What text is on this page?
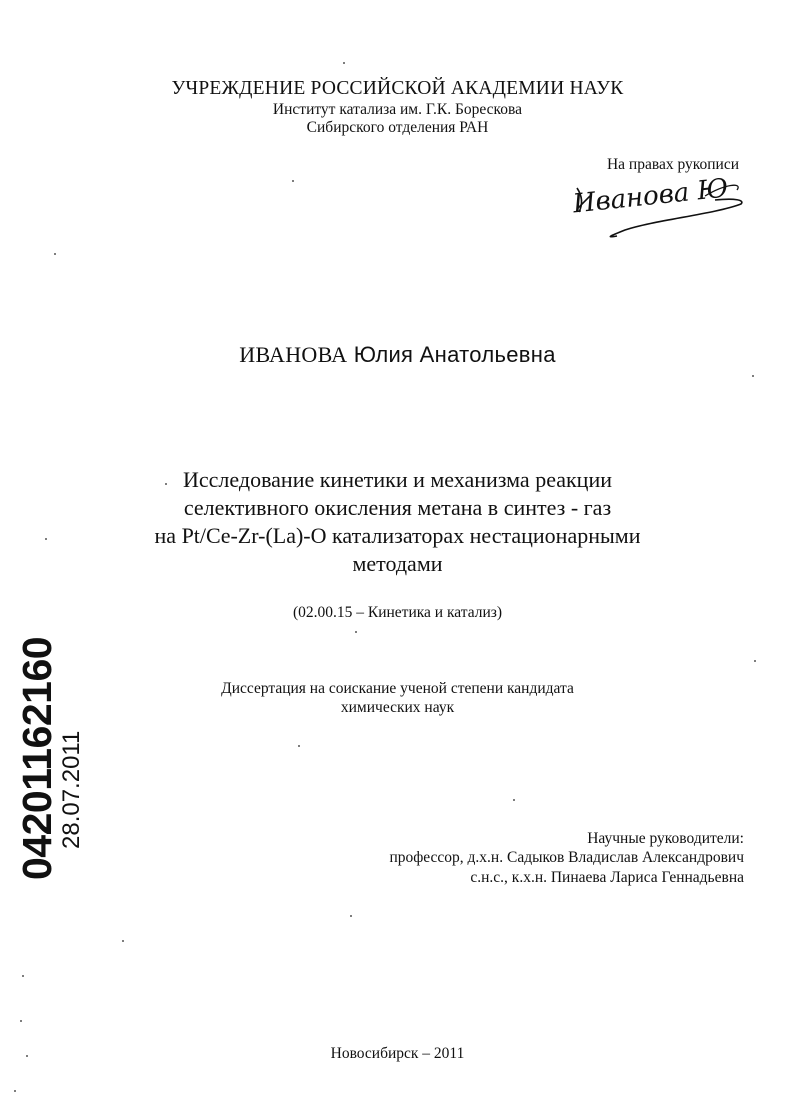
УЧРЕЖДЕНИЕ РОССИЙСКОЙ АКАДЕМИИ НАУК
Институт катализа им. Г.К. Борескова
Сибирского отделения РАН
На правах рукописи
Иванова Ю
ИВАНОВА Юлия Анатольевна
Исследование кинетики и механизма реакции
селективного окисления метана в синтез - газ
на Pt/Ce-Zr-(La)-O катализаторах нестационарными
методами
(02.00.15 – Кинетика и катализ)
Диссертация на соискание ученой степени кандидата
химических наук
Научные руководители:
профессор, д.х.н. Садыков Владислав Александрович
с.н.с., к.х.н. Пинаева Лариса Геннадьевна
Новосибирск – 2011
04201162160
28.07.2011
